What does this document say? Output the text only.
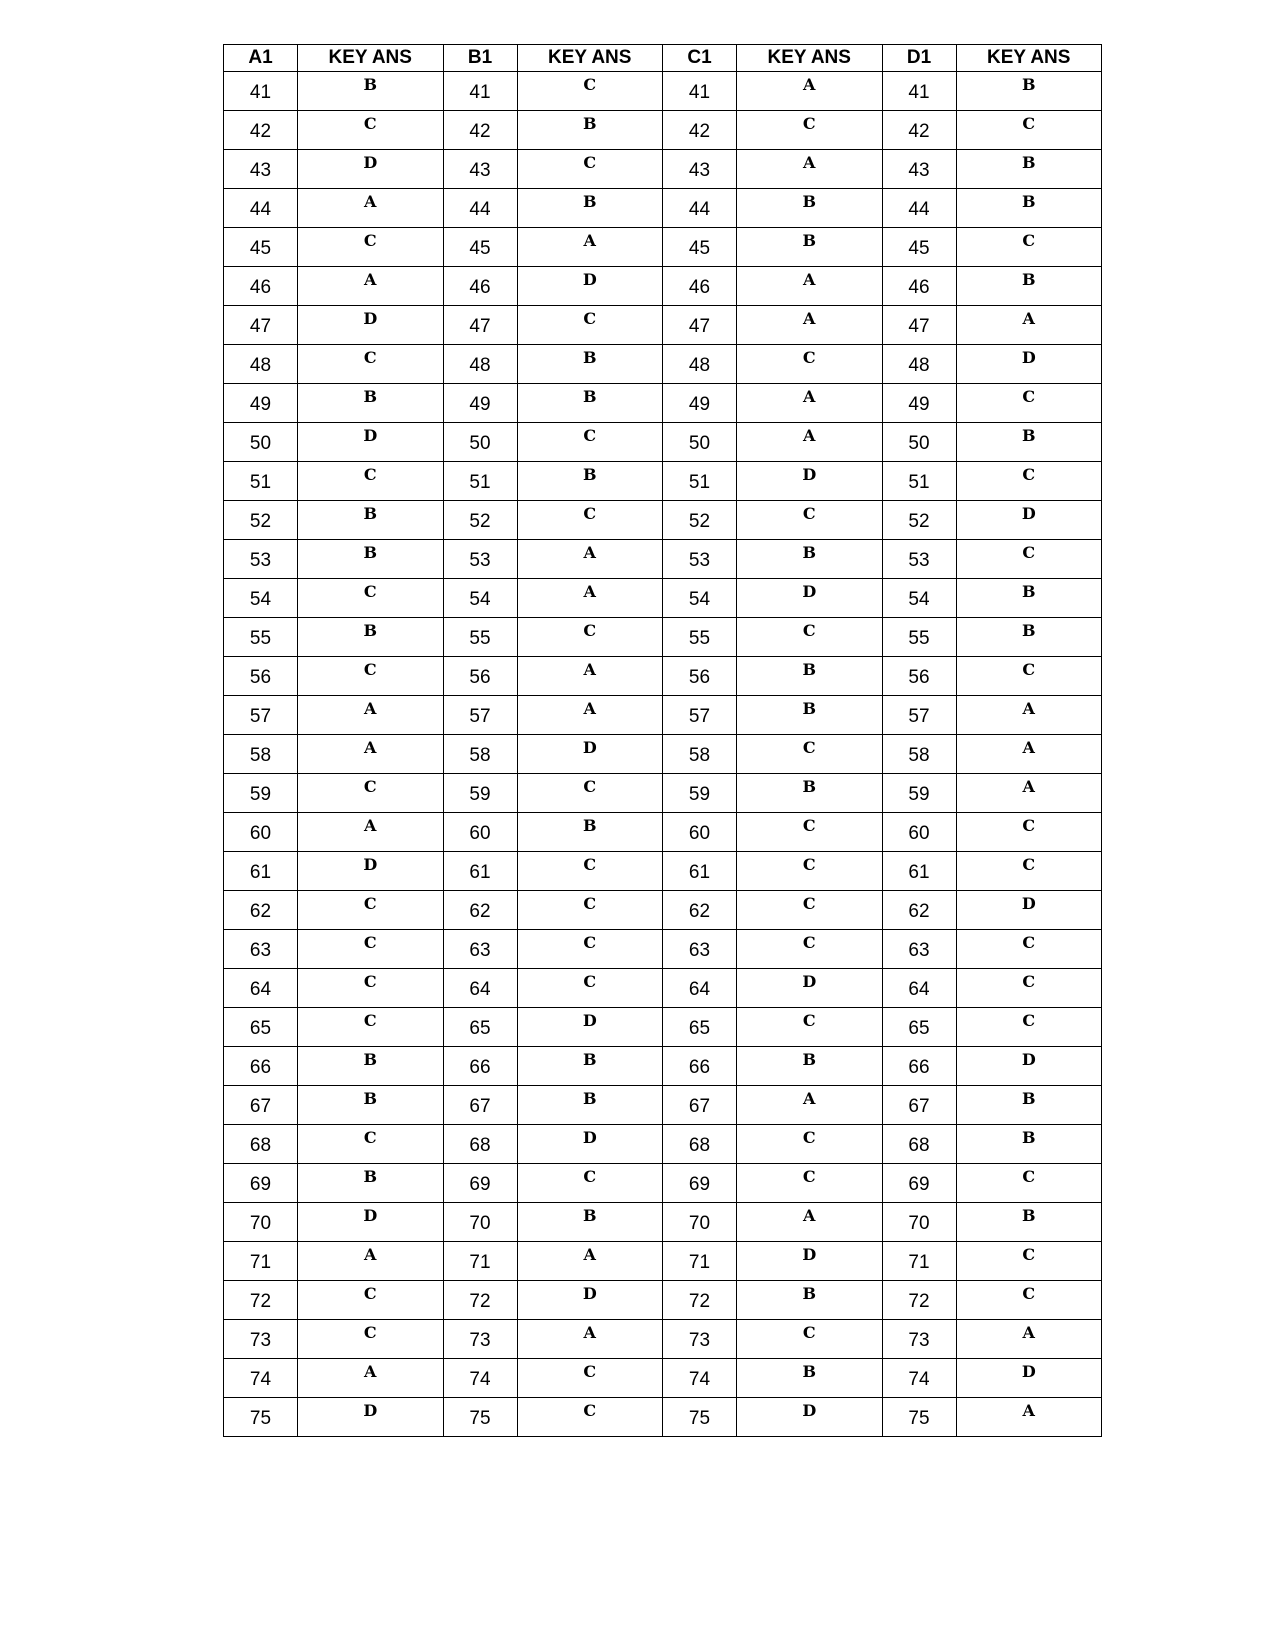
A1	KEY ANS	B1	KEY ANS	C1	KEY ANS	D1	KEY ANS
41	B	41	C	41	A	41	B
42	C	42	B	42	C	42	C
43	D	43	C	43	A	43	B
44	A	44	B	44	B	44	B
45	C	45	A	45	B	45	C
46	A	46	D	46	A	46	B
47	D	47	C	47	A	47	A
48	C	48	B	48	C	48	D
49	B	49	B	49	A	49	C
50	D	50	C	50	A	50	B
51	C	51	B	51	D	51	C
52	B	52	C	52	C	52	D
53	B	53	A	53	B	53	C
54	C	54	A	54	D	54	B
55	B	55	C	55	C	55	B
56	C	56	A	56	B	56	C
57	A	57	A	57	B	57	A
58	A	58	D	58	C	58	A
59	C	59	C	59	B	59	A
60	A	60	B	60	C	60	C
61	D	61	C	61	C	61	C
62	C	62	C	62	C	62	D
63	C	63	C	63	C	63	C
64	C	64	C	64	D	64	C
65	C	65	D	65	C	65	C
66	B	66	B	66	B	66	D
67	B	67	B	67	A	67	B
68	C	68	D	68	C	68	B
69	B	69	C	69	C	69	C
70	D	70	B	70	A	70	B
71	A	71	A	71	D	71	C
72	C	72	D	72	B	72	C
73	C	73	A	73	C	73	A
74	A	74	C	74	B	74	D
75	D	75	C	75	D	75	A
